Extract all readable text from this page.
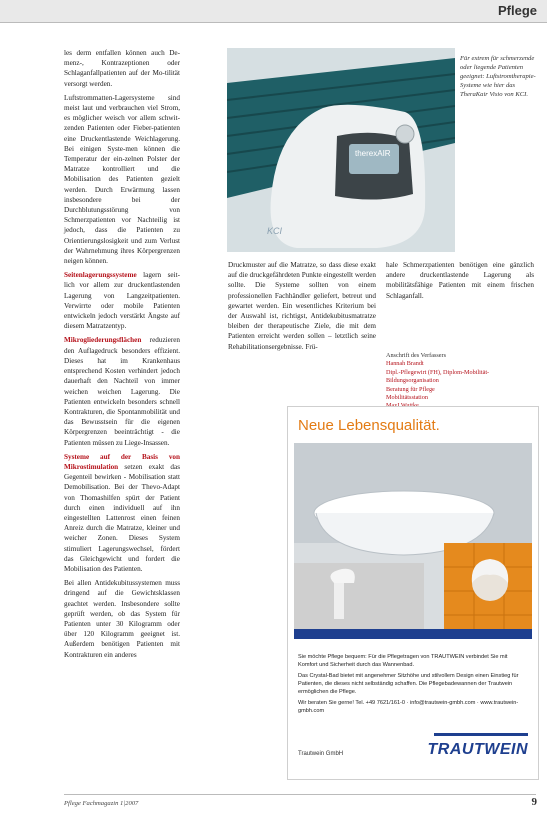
Pflege

les derm entfallen können auch De-menz-, Kontrazeptionen oder Schlaganfallpatienten auf der Mo-tilität versorgt werden.

Luftstrommatten-Lagersysteme sind meist laut und verbrauchen viel Strom, es möglicher weisch vor allem schwit-zenden Patienten oder Fieber-patienten eine Druckentlastende Weichlagerung. Bei einigen Syste-men können die Temperatur der ein-zelnen Polster der Matratze kontrolliert und die Mobilisation des Patienten gezielt werden. Durch Erwärmung lassen insbesondere bei der Durchblutungsstörung von Schmerzpatienten vor Nachteilig ist jedoch, dass die Patienten zu Orientierungslosigkeit und zum Verlust der Wahrnehmung ihres Körpergrenzen neigen können.

Seitenlagerungssysteme lagern seit-lich vor allem zur druckentlastenden Lagerung von Langzeitpatienten. Verwirrte oder mobile Patienten entwickeln jedoch verstärkt Ängste auf diesem Matratzentyp.

Mikrogliederungsflächen reduzieren den Auflagedruck besonders effizient. Dieses hat im Krankenhaus entsprechend Kosten verhindert jedoch dauerhaft den Nachteil von immer weichen weichen Lagerung. Die Patienten entwickeln besonders schnell Kontrakturen, die Spontanmobilität und das Bewusstsein für die eigenen Körpergrenzen beeinträchtigt - die Patienten müssen zu Liege-Insassen.

Systeme auf der Basis von Mikrostimulation setzen exakt das Gegenteil bewirken - Mobilisation statt Demobilisation. Bei der Thevo-Adapt von Thomashilfen spürt der Patient durch einen individuell auf ihn eingestellten Lattenrost einen feinen Anreiz durch die Matratze, kleiner und weicher Zonen. Dieses System stimuliert Lagerungswechsel, fördert das Gleichgewicht und fordert die Mobilisation des Patienten.

Bei allen Antidekubitussystemen muss dringend auf die Gewichtsklassen geachtet werden. Insbesondere sollte geprüft werden, ob das System für Patienten unter 30 Kilogramm oder über 120 Kilogramm geeignet ist. Außerdem benötigen Patienten mit Kontrakturen ein anderes

therexAIR
KCI
Für extrem für schmerzende oder liegende Patienten geeignet: Luftstromtherapie-Systeme wie hier das TheraKair Visio von KCI.

Druckmuster auf die Matratze, so dass diese exakt auf die druckgefährdeten Punkte eingestellt werden sollte. Die Systeme sollten von einem professionellen Fachhändler geliefert, betreut und gewartet werden. Ein wesentliches Kriterium bei der Auswahl ist, richtigst, Antidekubitusmatratze bleiben der therapeutische Ziele, die mit dem Patienten erreicht werden sollen – letztlich seine Rehabilitationsergebnisse. Frü-

hale Schmerzpatienten benötigen eine gänzlich andere druckentlastende Lagerung als mobilitätsfähige Patienten mit einem frischen Schlaganfall.

Anschrift des Verfassers
Hannah Brandt
Dipl.-Pflegewirt (FH), Diplom-Mobilität-Bildungsorganisation
Beratung für Pflege
Mobilitätsstation
Neue Lebensqualität.

Sie möchte Pflege bequem: Für die Pflegetragen von TRAUTWEIN verbindet Sie mit Komfort und Sicherheit durch das Wannenbad.

Das Crystal-Bad bietet mit angenehmer Sitzhöhe und stilvollem Design einen Einstieg für Patienten, die dieses nicht selbständig schaffen. Die Pflegebadewannen der Trautwein ermöglichen die Pflege.

Wir beraten Sie gerne! Tel. +49 7621/161-0 · info@trautwein-gmbh.com · www.trautwein-gmbh.com

TRAUTWEIN
Trautwein GmbH
Pflege Fachmagazin 1|2007	9
